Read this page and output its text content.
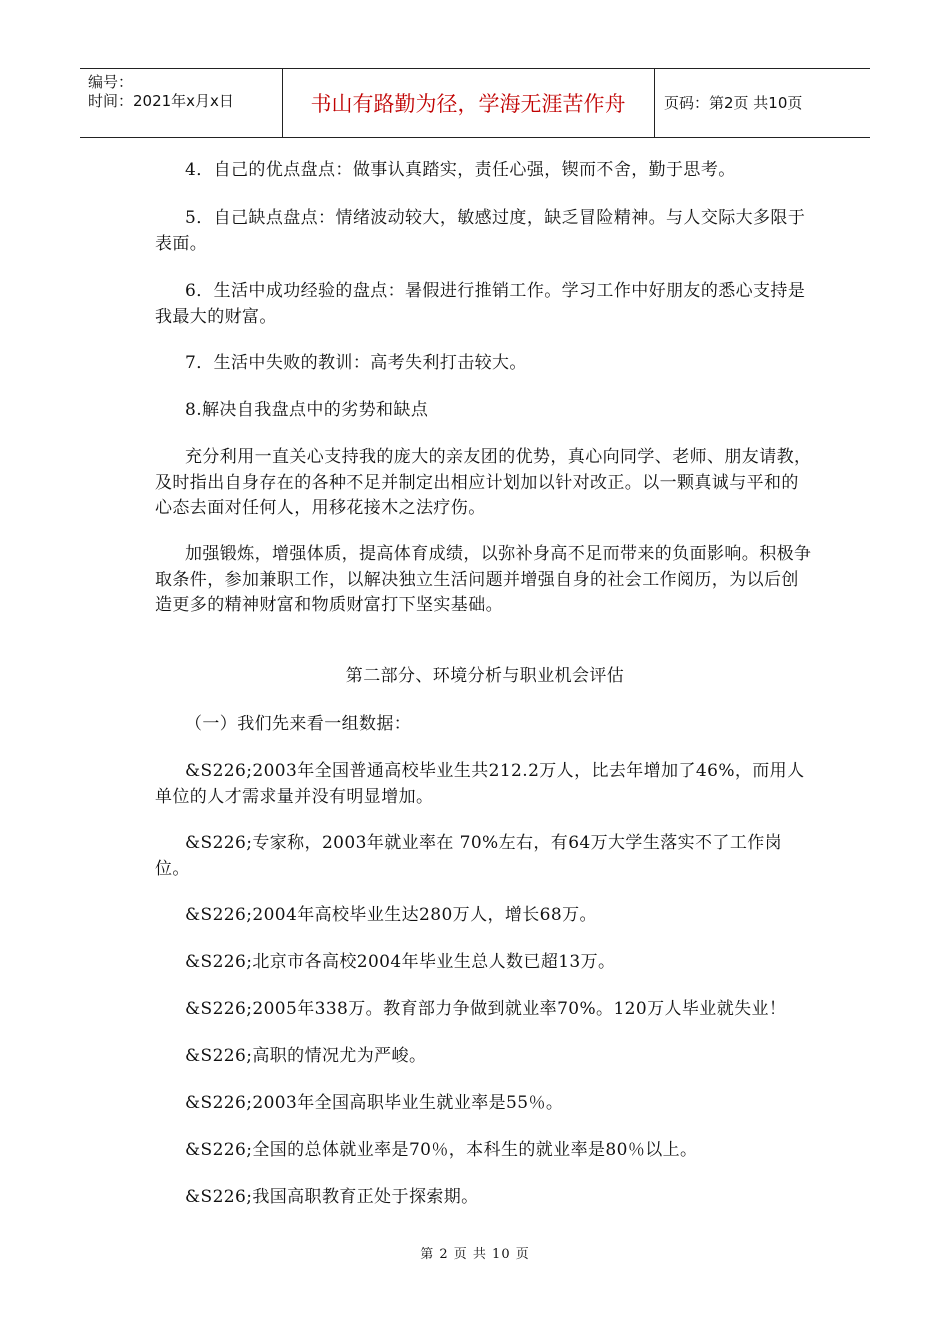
编号：
时间：2021年x月x日	书山有路勤为径，学海无涯苦作舟	页码：第2页 共10页
4．自己的优点盘点：做事认真踏实，责任心强，锲而不舍，勤于思考。
5．自己缺点盘点：情绪波动较大，敏感过度，缺乏冒险精神。与人交际大多限于表面。
6．生活中成功经验的盘点：暑假进行推销工作。学习工作中好朋友的悉心支持是我最大的财富。
7．生活中失败的教训：高考失利打击较大。
8.解决自我盘点中的劣势和缺点
充分利用一直关心支持我的庞大的亲友团的优势，真心向同学、老师、朋友请教，及时指出自身存在的各种不足并制定出相应计划加以针对改正。以一颗真诚与平和的心态去面对任何人，用移花接木之法疗伤。
加强锻炼，增强体质，提高体育成绩，以弥补身高不足而带来的负面影响。积极争取条件，参加兼职工作，以解决独立生活问题并增强自身的社会工作阅历，为以后创造更多的精神财富和物质财富打下坚实基础。
第二部分、环境分析与职业机会评估
（一）我们先来看一组数据：
&S226;2003年全国普通高校毕业生共212.2万人，比去年增加了46%，而用人单位的人才需求量并没有明显增加。
&S226;专家称，2003年就业率在 70%左右，有64万大学生落实不了工作岗位。
&S226;2004年高校毕业生达280万人，增长68万。
&S226;北京市各高校2004年毕业生总人数已超13万。
&S226;2005年338万。教育部力争做到就业率70%。120万人毕业就失业！
&S226;高职的情况尤为严峻。
&S226;2003年全国高职毕业生就业率是55％。
&S226;全国的总体就业率是70％，本科生的就业率是80％以上。
&S226;我国高职教育正处于探索期。
第 2 页 共 10 页
